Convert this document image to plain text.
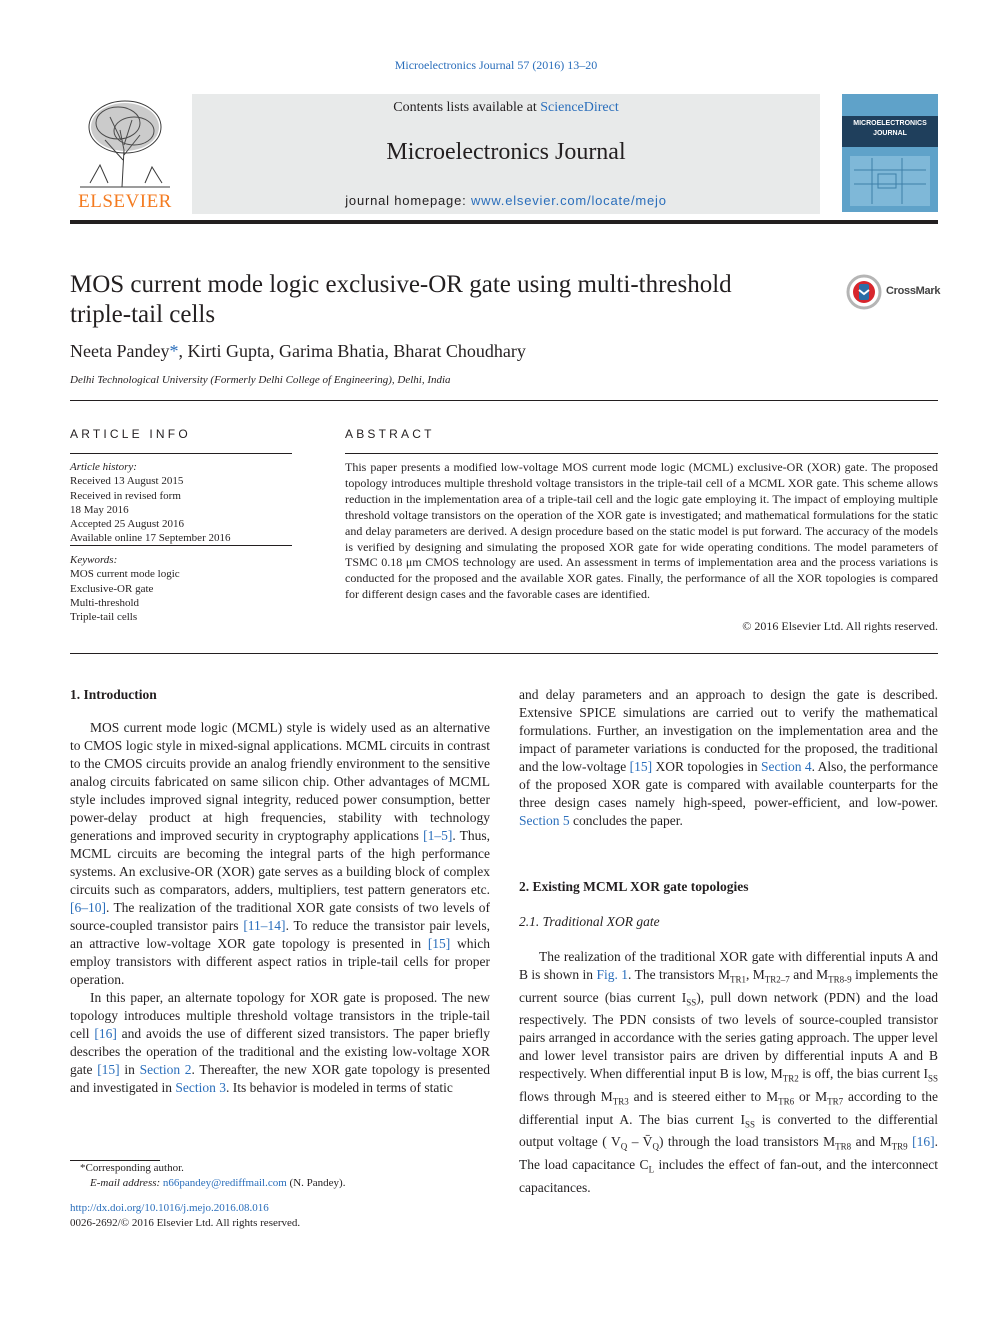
Microelectronics Journal 57 (2016) 13–20
ELSEVIER
Contents lists available at ScienceDirect
Microelectronics Journal
journal homepage: www.elsevier.com/locate/mejo
MICROELECTRONICS
JOURNAL
MOS current mode logic exclusive-OR gate using multi-threshold
triple-tail cells
CrossMark
Neeta Pandey*, Kirti Gupta, Garima Bhatia, Bharat Choudhary
Delhi Technological University (Formerly Delhi College of Engineering), Delhi, India
ARTICLE INFO	ABSTRACT
Article history:
Received 13 August 2015
Received in revised form
18 May 2016
Accepted 25 August 2016
Available online 17 September 2016
Keywords:
MOS current mode logic
Exclusive-OR gate
Multi-threshold
Triple-tail cells
This paper presents a modified low-voltage MOS current mode logic (MCML) exclusive-OR (XOR) gate. The proposed topology introduces multiple threshold voltage transistors in the triple-tail cell of a MCML XOR gate. This scheme allows reduction in the implementation area of a triple-tail cell and the logic gate employing it. The impact of employing multiple threshold voltage transistors on the operation of the XOR gate is investigated; and mathematical formulations for the static and delay parameters are derived. A design procedure based on the static model is put forward. The accuracy of the models is verified by designing and simulating the proposed XOR gate for wide operating conditions. The model parameters of TSMC 0.18 μm CMOS technology are used. An assessment in terms of implementation area and the process variations is conducted for the proposed and the available XOR gates. Finally, the performance of all the XOR topologies is compared for different design cases and the favorable cases are identified.
© 2016 Elsevier Ltd. All rights reserved.
1. Introduction

MOS current mode logic (MCML) style is widely used as an alternative to CMOS logic style in mixed-signal applications. MCML circuits in contrast to the CMOS circuits provide an analog friendly environment to the sensitive analog circuits fabricated on same silicon chip. Other advantages of MCML style includes improved signal integrity, reduced power consumption, better power-delay product at high frequencies, stability with technology generations and improved security in cryptography applications [1–5]. Thus, MCML circuits are becoming the integral parts of the high performance systems. An exclusive-OR (XOR) gate serves as a building block of complex circuits such as comparators, adders, multipliers, test pattern generators etc. [6–10]. The realization of the traditional XOR gate consists of two levels of source-coupled transistor pairs [11–14]. To reduce the transistor pair levels, an attractive low-voltage XOR gate topology is presented in [15] which employ transistors with different aspect ratios in triple-tail cells for proper operation.

In this paper, an alternate topology for XOR gate is proposed. The new topology introduces multiple threshold voltage transistors in the triple-tail cell [16] and avoids the use of different sized transistors. The paper briefly describes the operation of the traditional and the existing low-voltage XOR gate [15] in Section 2. Thereafter, the new XOR gate topology is presented and investigated in Section 3. Its behavior is modeled in terms of static

*Corresponding author.
E-mail address: n66pandey@rediffmail.com (N. Pandey).
http://dx.doi.org/10.1016/j.mejo.2016.08.016
0026-2692/© 2016 Elsevier Ltd. All rights reserved.

and delay parameters and an approach to design the gate is described. Extensive SPICE simulations are carried out to verify the mathematical formulations. Further, an investigation on the implementation area and the impact of parameter variations is conducted for the proposed, the traditional and the low-voltage [15] XOR topologies in Section 4. Also, the performance of the proposed XOR gate is compared with available counterparts for the three design cases namely high-speed, power-efficient, and low-power. Section 5 concludes the paper.

2. Existing MCML XOR gate topologies
2.1. Traditional XOR gate

The realization of the traditional XOR gate with differential inputs A and B is shown in Fig. 1. The transistors $M_{TR1}$, $M_{TR2-7}$ and $M_{TR8-9}$ implements the current source (bias current $I_{SS}$), pull down network (PDN) and the load respectively. The PDN consists of two levels of source-coupled transistor pairs arranged in accordance with the series gating approach. The upper level and lower level transistor pairs are driven by differential inputs A and B respectively. When differential input B is low, $M_{TR2}$ is off, the bias current $I_{SS}$ flows through $M_{TR3}$ and is steered either to $M_{TR6}$ or $M_{TR7}$ according to the differential input A. The bias current $I_{SS}$ is converted to the differential output voltage ( $V_Q$ – $V̄_Q$) through the load transistors $M_{TR8}$ and $M_{TR9}$ [16]. The load capacitance $C_L$ includes the effect of fan-out, and the interconnect capacitances.
